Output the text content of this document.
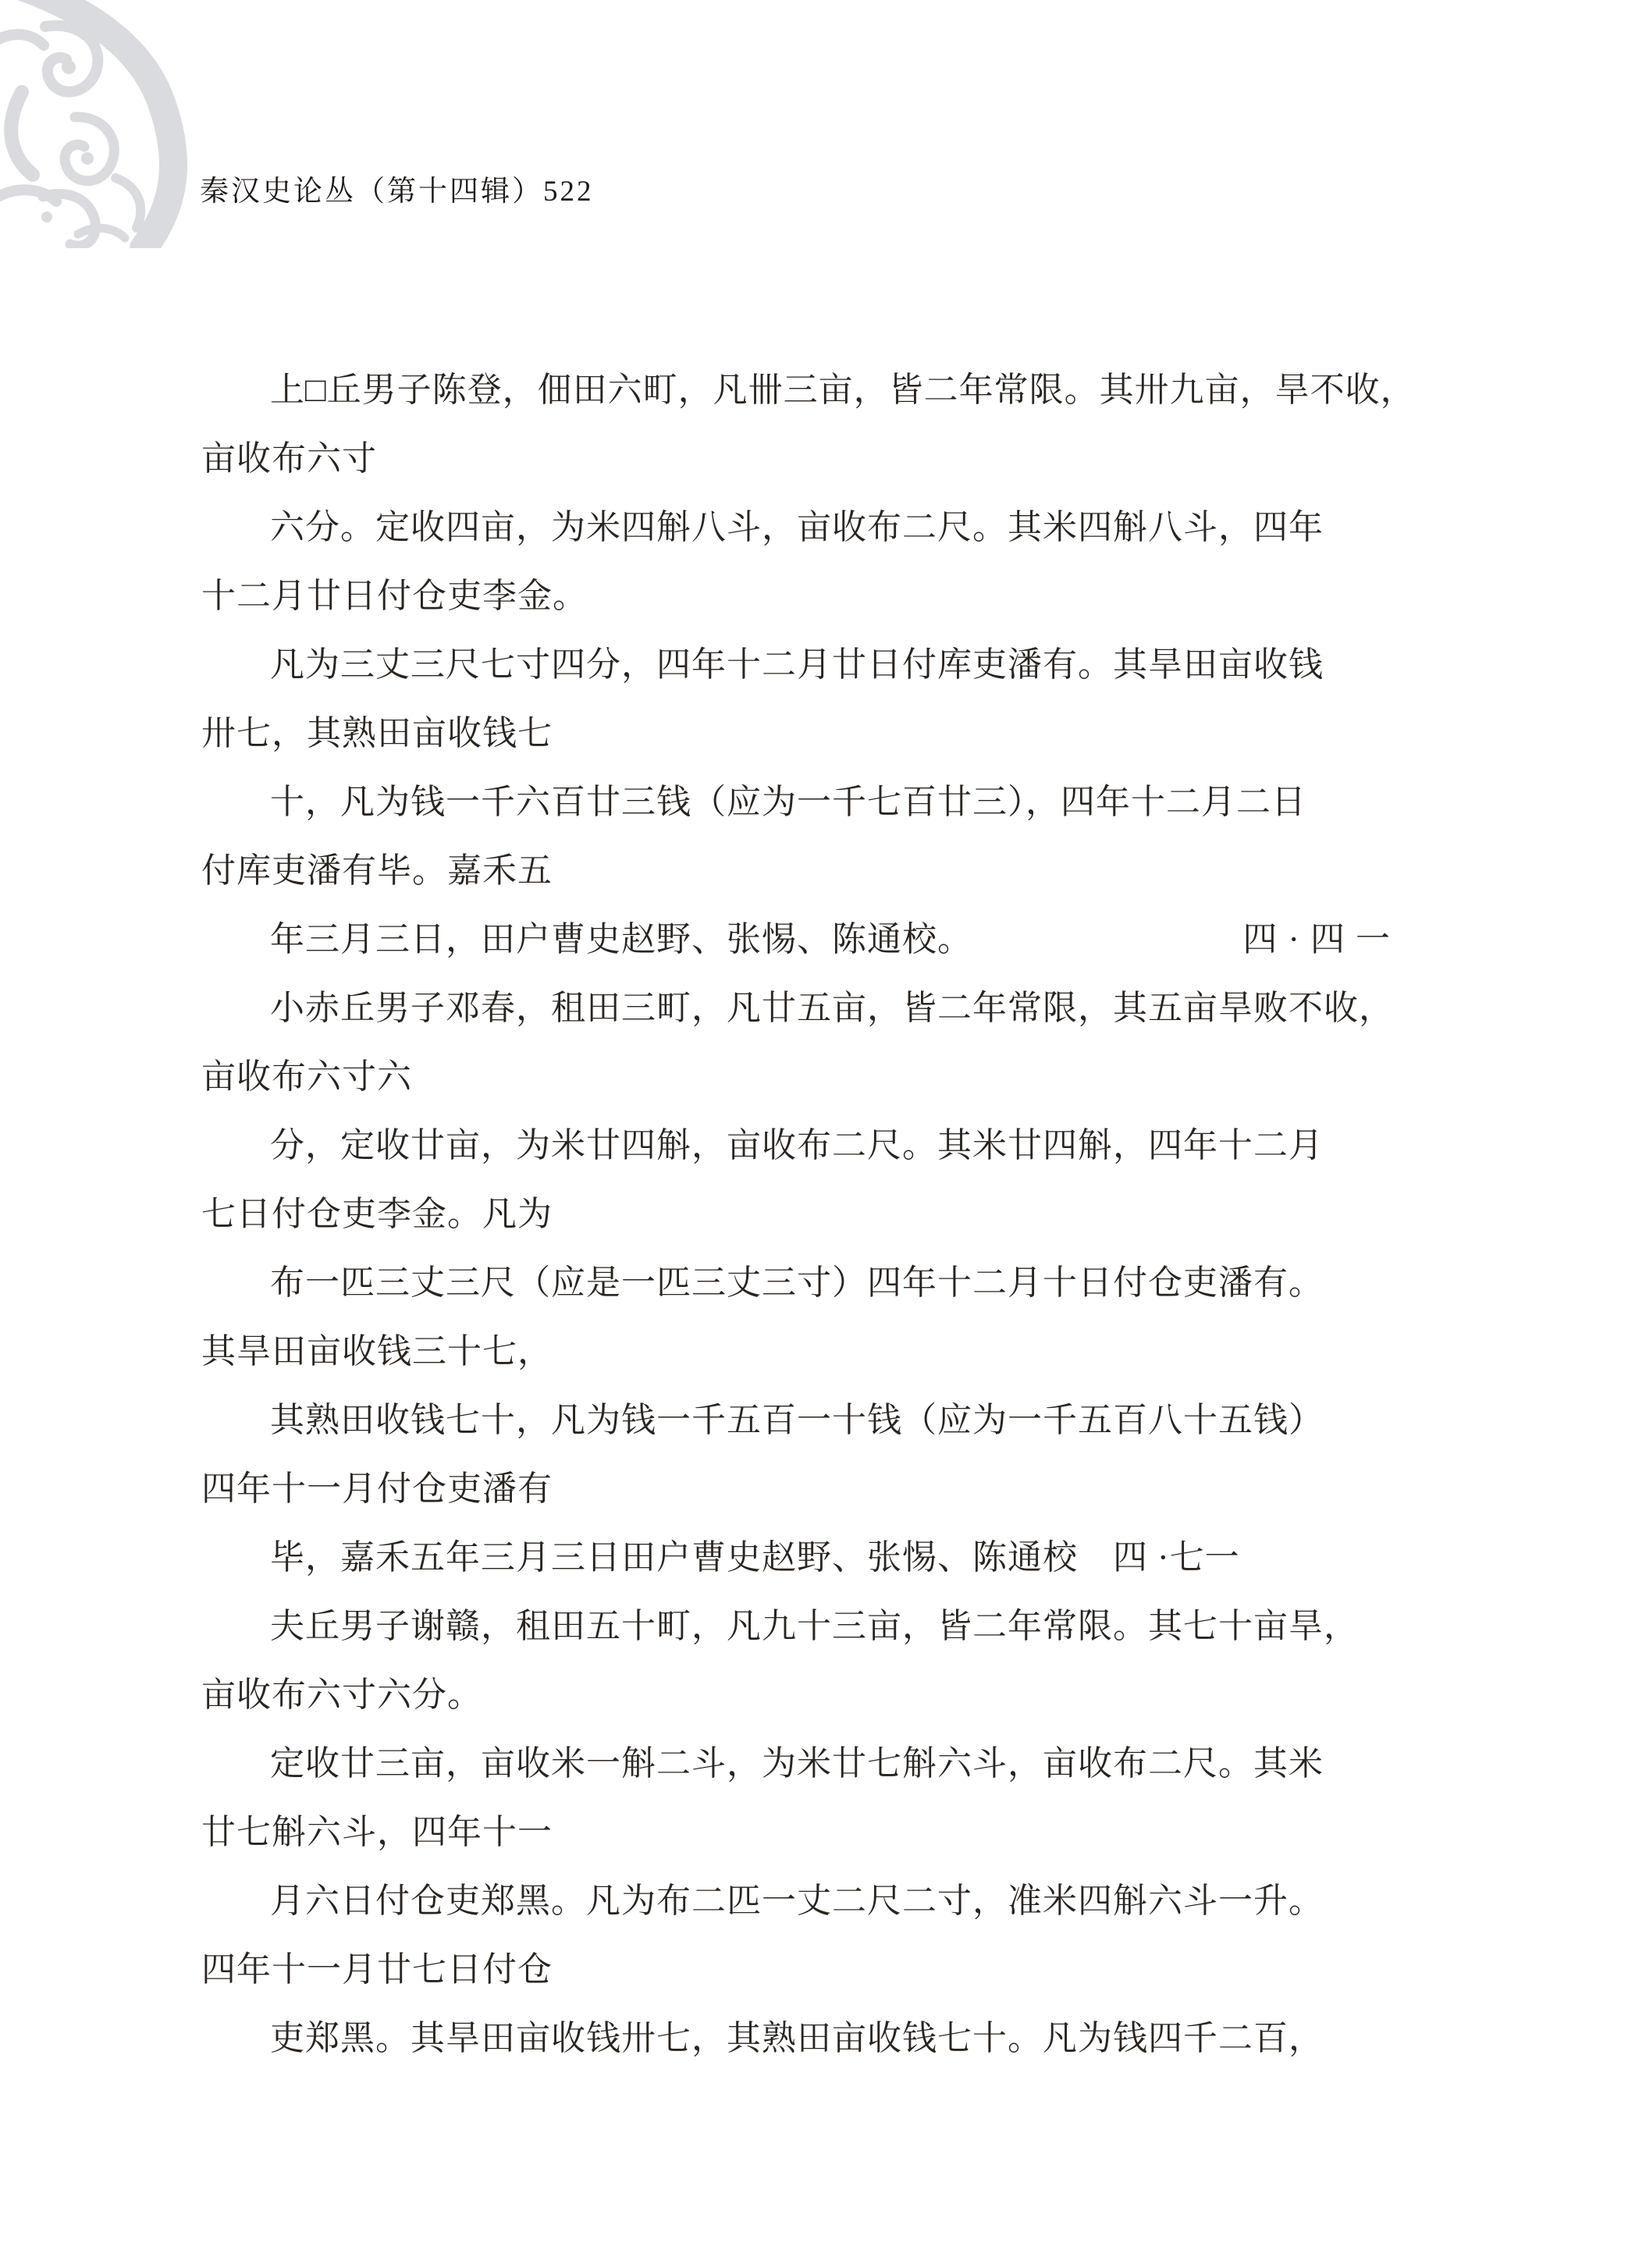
秦汉史论丛（第十四辑）522

上□丘男子陈登，佃田六町，凡卌三亩，皆二年常限。其卅九亩，旱不收，

亩收布六寸

六分。定收四亩，为米四斛八斗，亩收布二尺。其米四斛八斗，四年

十二月廿日付仓吏李金。

凡为三丈三尺七寸四分，四年十二月廿日付库吏潘有。其旱田亩收钱

卅七，其熟田亩收钱七

十，凡为钱一千六百廿三钱（应为一千七百廿三），四年十二月二日

付库吏潘有毕。嘉禾五

年三月三日，田户曹史赵野、张惕、陈通校。	四·四一

小赤丘男子邓春，租田三町，凡廿五亩，皆二年常限，其五亩旱败不收，

亩收布六寸六

分，定收廿亩，为米廿四斛，亩收布二尺。其米廿四斛，四年十二月

七日付仓吏李金。凡为

布一匹三丈三尺（应是一匹三丈三寸）四年十二月十日付仓吏潘有。

其旱田亩收钱三十七，

其熟田收钱七十，凡为钱一千五百一十钱（应为一千五百八十五钱）

四年十一月付仓吏潘有

毕，嘉禾五年三月三日田户曹史赵野、张惕、陈通校　四 ·七一

夫丘男子谢赣，租田五十町，凡九十三亩，皆二年常限。其七十亩旱，

亩收布六寸六分。

定收廿三亩，亩收米一斛二斗，为米廿七斛六斗，亩收布二尺。其米

廿七斛六斗，四年十一

月六日付仓吏郑黑。凡为布二匹一丈二尺二寸，准米四斛六斗一升。

四年十一月廿七日付仓

吏郑黑。其旱田亩收钱卅七，其熟田亩收钱七十。凡为钱四千二百，
